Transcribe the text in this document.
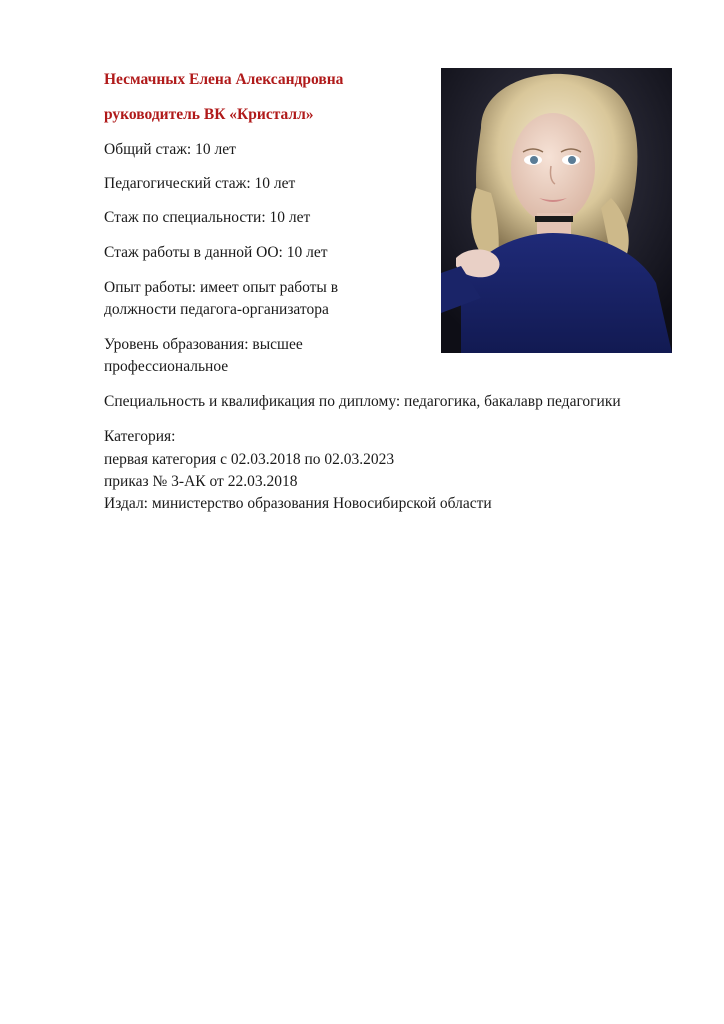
Несмачных Елена Александровна

руководитель ВК «Кристалл»

Общий стаж: 10 лет

Педагогический стаж: 10 лет

Стаж по специальности: 10 лет

Стаж работы в данной ОО: 10 лет

Опыт работы: имеет опыт работы в

должности педагога-организатора

Уровень образования: высшее

профессиональное

Специальность и квалификация по диплому: педагогика, бакалавр педагогики

Категория:

первая категория с 02.03.2018 по 02.03.2023

приказ № 3-АК от 22.03.2018

Издал: министерство образования Новосибирской области
